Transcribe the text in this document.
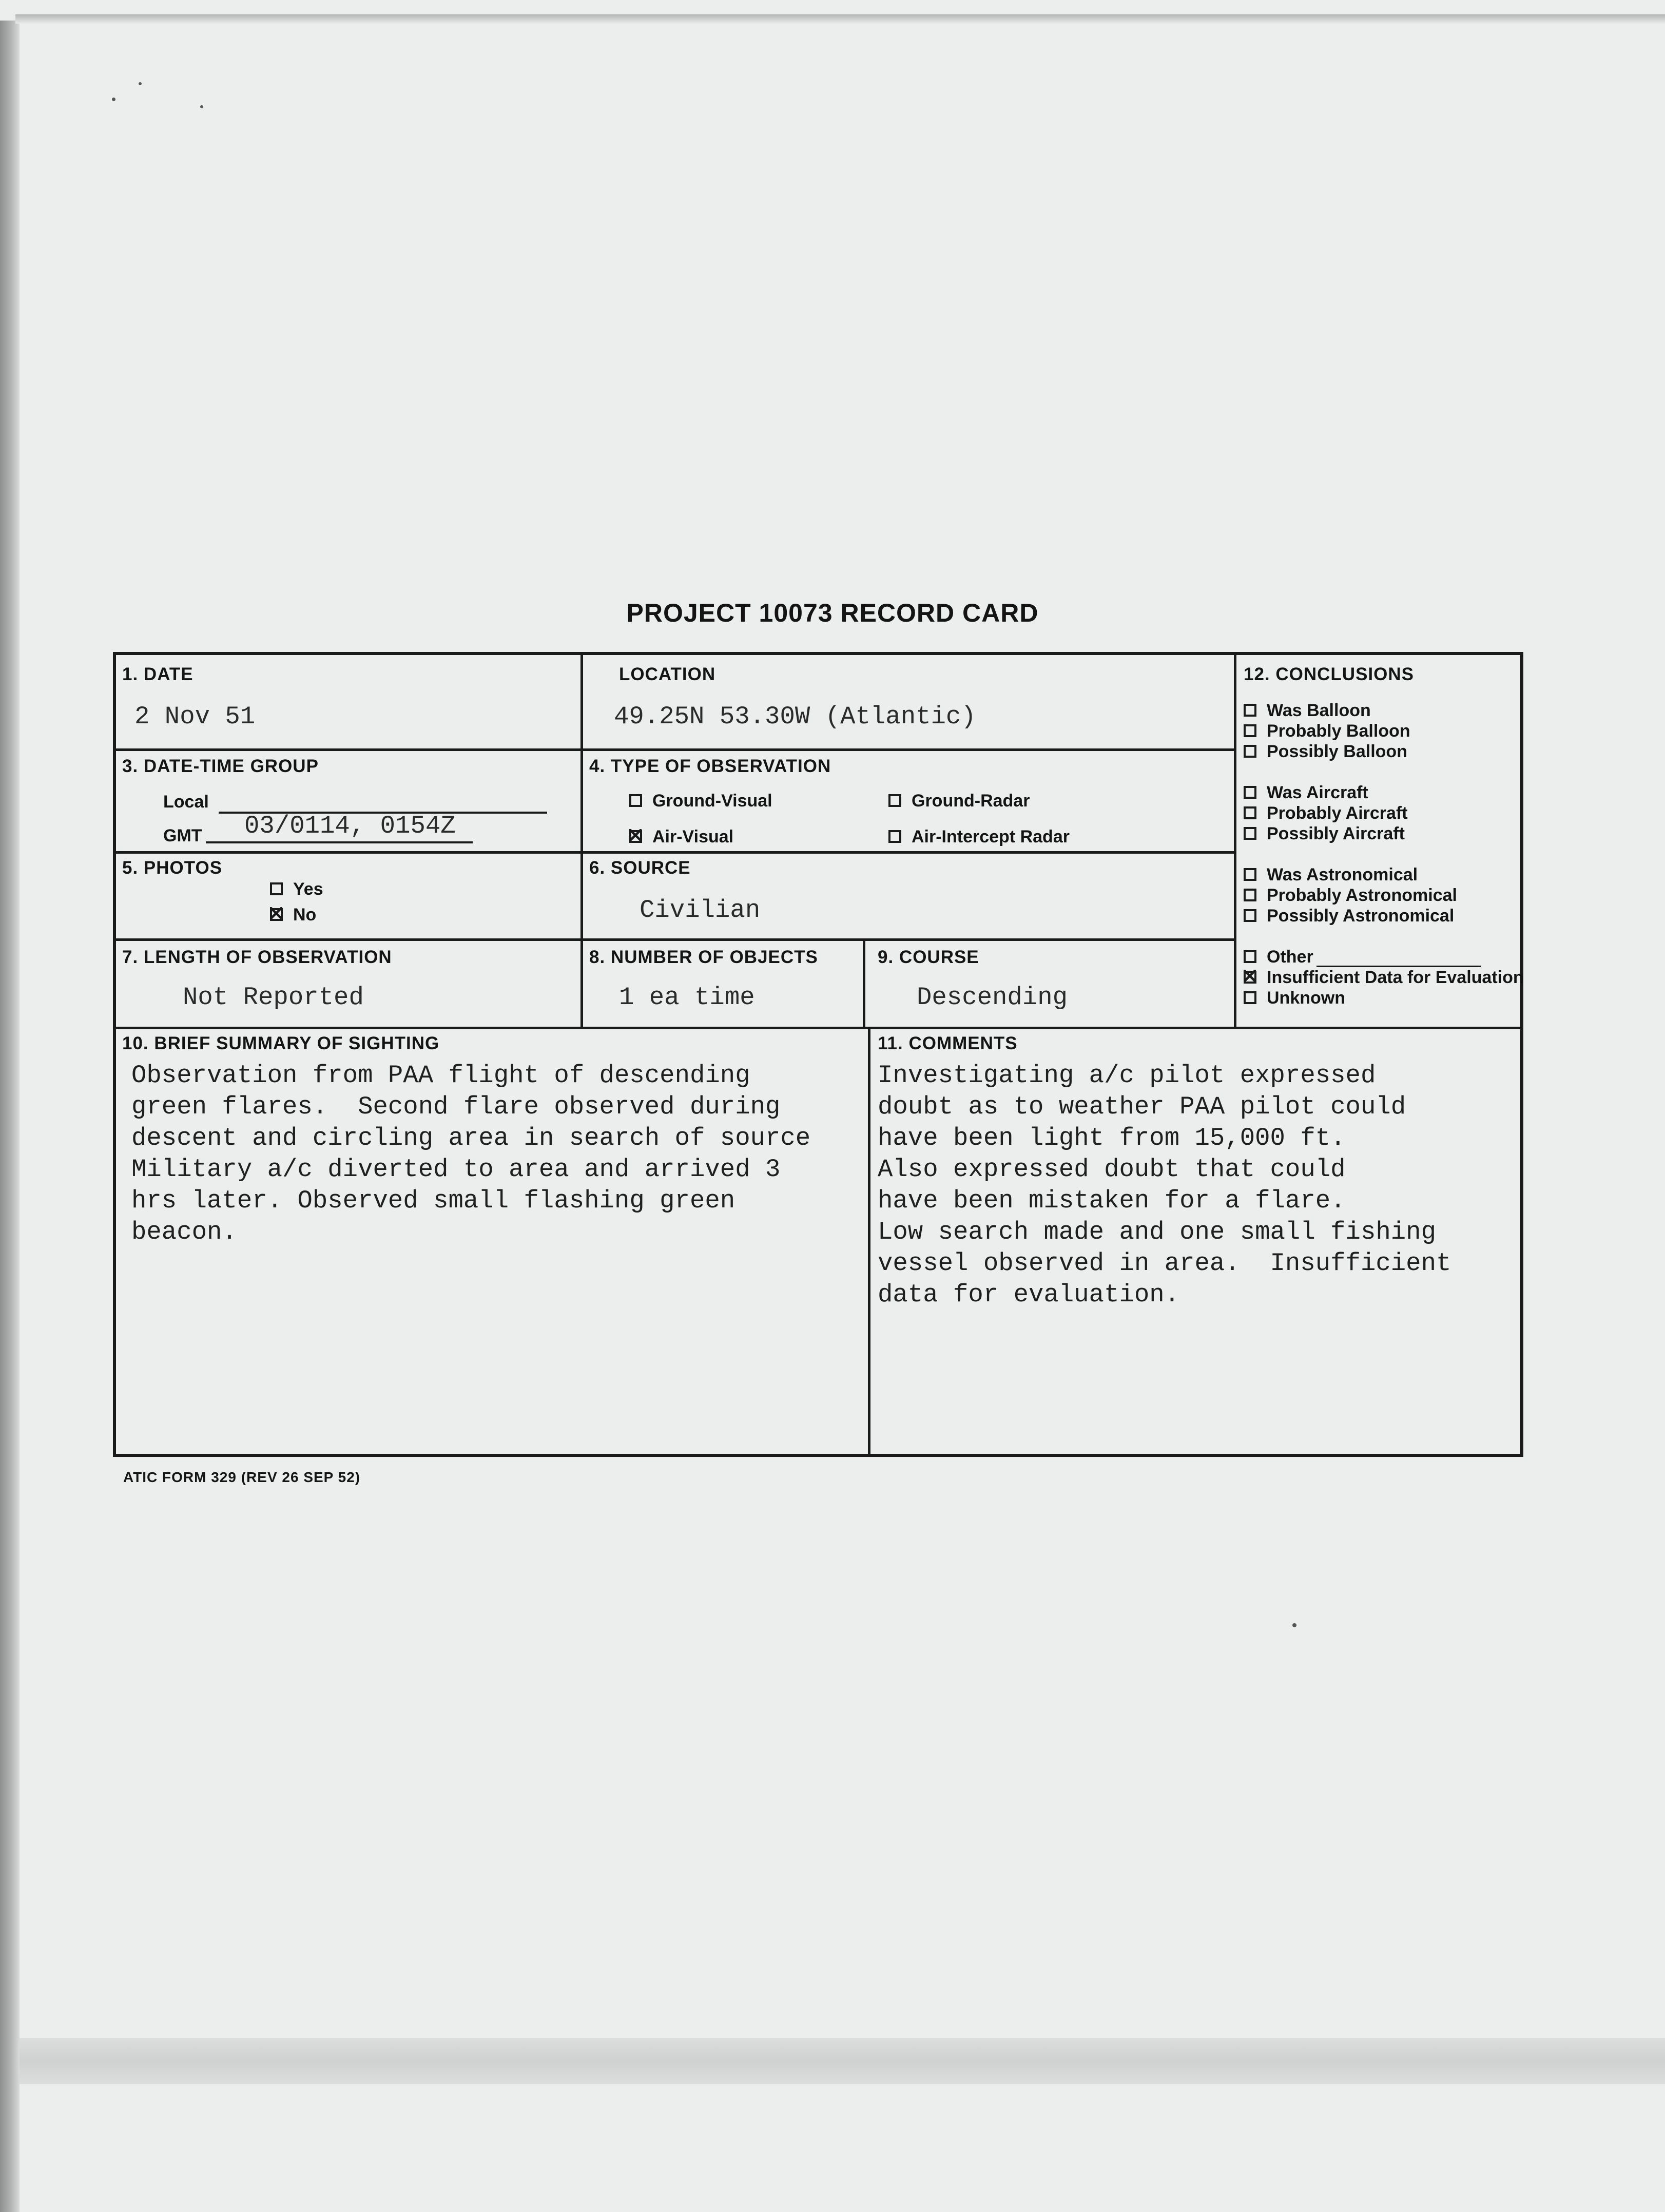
PROJECT 10073 RECORD CARD
1. DATE
2 Nov 51
LOCATION
49.25N 53.30W (Atlantic)
3. DATE-TIME GROUP
Local
GMT 03/0114, 0154Z
4. TYPE OF OBSERVATION
Ground-Visual	Ground-Radar
Air-Visual	Air-Intercept Radar
5. PHOTOS
Yes
No
6. SOURCE
Civilian
7. LENGTH OF OBSERVATION
Not Reported
8. NUMBER OF OBJECTS
1 ea time
9. COURSE
Descending
12. CONCLUSIONS
Was Balloon
Probably Balloon
Possibly Balloon
Was Aircraft
Probably Aircraft
Possibly Aircraft
Was Astronomical
Probably Astronomical
Possibly Astronomical
Other
Insufficient Data for Evaluation
Unknown
10. BRIEF SUMMARY OF SIGHTING
Observation from PAA flight of descending
green flares.  Second flare observed during
descent and circling area in search of source
Military a/c diverted to area and arrived 3
hrs later. Observed small flashing green
beacon.
11. COMMENTS
Investigating a/c pilot expressed
doubt as to weather PAA pilot could
have been light from 15,000 ft.
Also expressed doubt that could
have been mistaken for a flare.
Low search made and one small fishing
vessel observed in area.  Insufficient
data for evaluation.
ATIC FORM 329 (REV 26 SEP 52)
